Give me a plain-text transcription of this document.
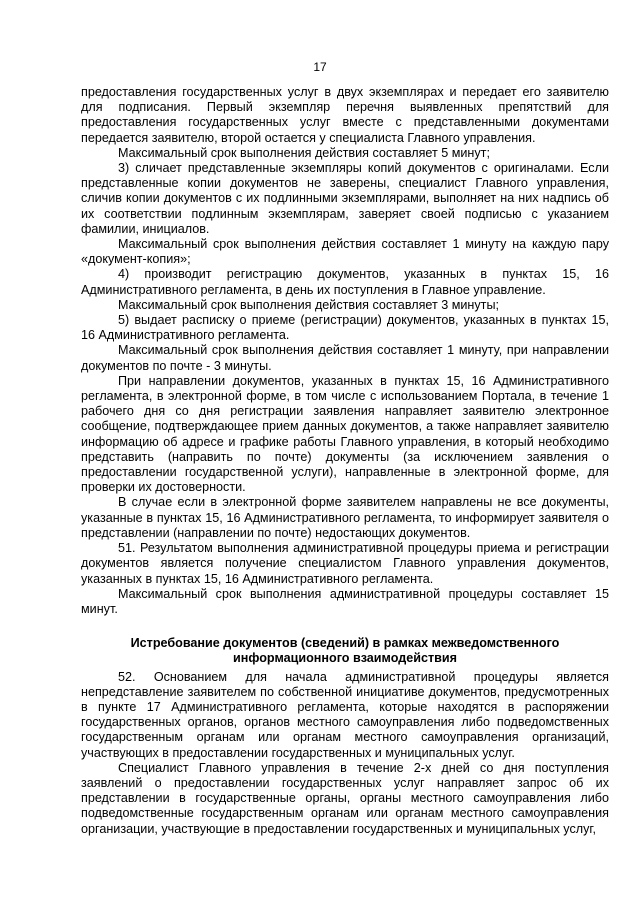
17

предоставления государственных услуг в двух экземплярах и передает его заявителю для подписания. Первый экземпляр перечня выявленных препятствий для предоставления государственных услуг вместе с представленными документами передается заявителю, второй остается у специалиста Главного управления.

Максимальный срок выполнения действия составляет 5 минут;

3) сличает представленные экземпляры копий документов с оригиналами. Если представленные копии документов не заверены, специалист Главного управления, сличив копии документов с их подлинными экземплярами, выполняет на них надпись об их соответствии подлинным экземплярам, заверяет своей подписью с указанием фамилии, инициалов.

Максимальный срок выполнения действия составляет 1 минуту на каждую пару «документ-копия»;

4) производит регистрацию документов, указанных в пунктах 15, 16 Административного регламента, в день их поступления в Главное управление.

Максимальный срок выполнения действия составляет 3 минуты;

5) выдает расписку о приеме (регистрации) документов, указанных в пунктах 15, 16 Административного регламента.

Максимальный срок выполнения действия составляет 1 минуту, при направлении документов по почте - 3 минуты.

При направлении документов, указанных в пунктах 15, 16 Административного регламента, в электронной форме, в том числе с использованием Портала, в течение 1 рабочего дня со дня регистрации заявления направляет заявителю электронное сообщение, подтверждающее прием данных документов, а также направляет заявителю информацию об адресе и графике работы Главного управления, в который необходимо представить (направить по почте) документы (за исключением заявления о предоставлении государственной услуги), направленные в электронной форме, для проверки их достоверности.

В случае если в электронной форме заявителем направлены не все документы, указанные в пунктах 15, 16 Административного регламента, то информирует заявителя о представлении (направлении по почте) недостающих документов.

51. Результатом выполнения административной процедуры приема и регистрации документов является получение специалистом Главного управления документов, указанных в пунктах 15, 16 Административного регламента.

Максимальный срок выполнения административной процедуры составляет 15 минут.

Истребование документов (сведений) в рамках межведомственного информационного взаимодействия

52. Основанием для начала административной процедуры является непредставление заявителем по собственной инициативе документов, предусмотренных в пункте 17 Административного регламента, которые находятся в распоряжении государственных органов, органов местного самоуправления либо подведомственных государственным органам или органам местного самоуправления организаций, участвующих в предоставлении государственных и муниципальных услуг.

Специалист Главного управления в течение 2-х дней со дня поступления заявлений о предоставлении государственных услуг направляет запрос об их представлении в государственные органы, органы местного самоуправления либо подведомственные государственным органам или органам местного самоуправления организации, участвующие в предоставлении государственных и муниципальных услуг,
